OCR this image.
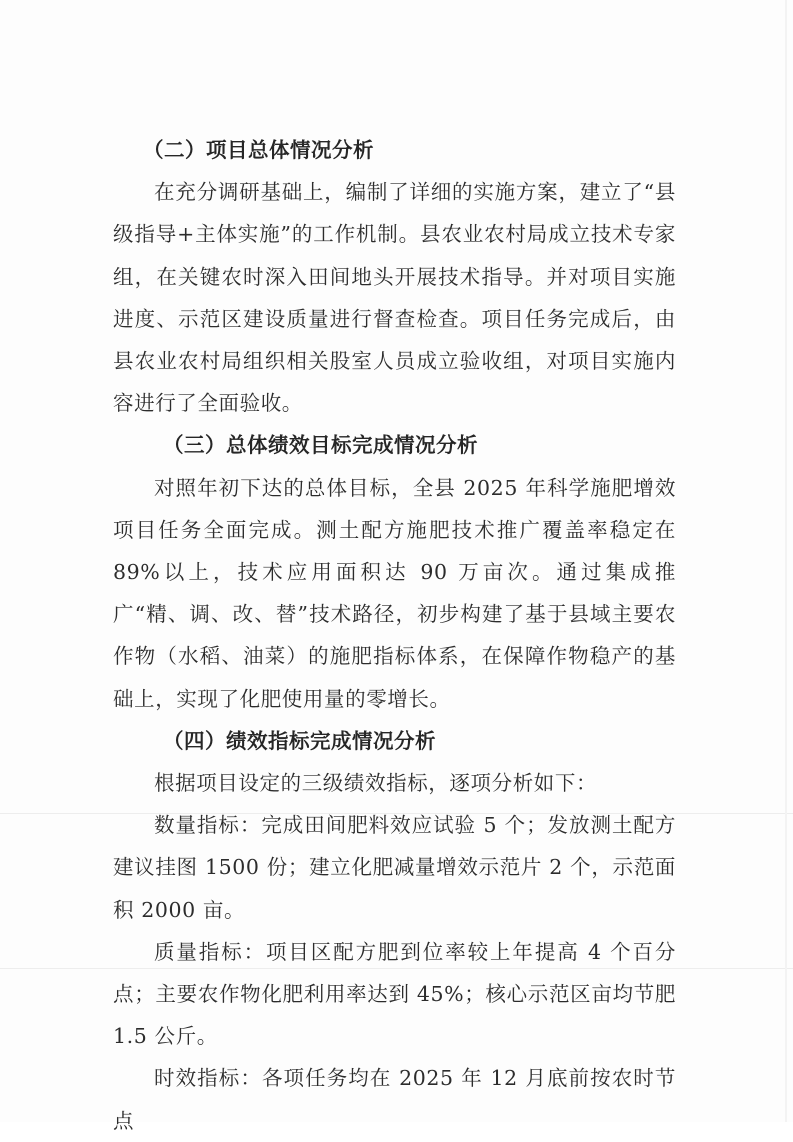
（二）项目总体情况分析

在充分调研基础上，编制了详细的实施方案，建立了“县级指导+主体实施”的工作机制。县农业农村局成立技术专家组，在关键农时深入田间地头开展技术指导。并对项目实施进度、示范区建设质量进行督查检查。项目任务完成后，由县农业农村局组织相关股室人员成立验收组，对项目实施内容进行了全面验收。

（三）总体绩效目标完成情况分析

对照年初下达的总体目标，全县 2025 年科学施肥增效项目任务全面完成。测土配方施肥技术推广覆盖率稳定在 89%以上，技术应用面积达 90 万亩次。通过集成推广“精、调、改、替”技术路径，初步构建了基于县域主要农作物（水稻、油菜）的施肥指标体系，在保障作物稳产的基础上，实现了化肥使用量的零增长。

（四）绩效指标完成情况分析

根据项目设定的三级绩效指标，逐项分析如下：

数量指标：完成田间肥料效应试验 5 个；发放测土配方建议挂图 1500 份；建立化肥减量增效示范片 2 个，示范面积 2000 亩。

质量指标：项目区配方肥到位率较上年提高 4 个百分点；主要农作物化肥利用率达到 45%；核心示范区亩均节肥 1.5 公斤。

时效指标：各项任务均在 2025 年 12 月底前按农时节点
